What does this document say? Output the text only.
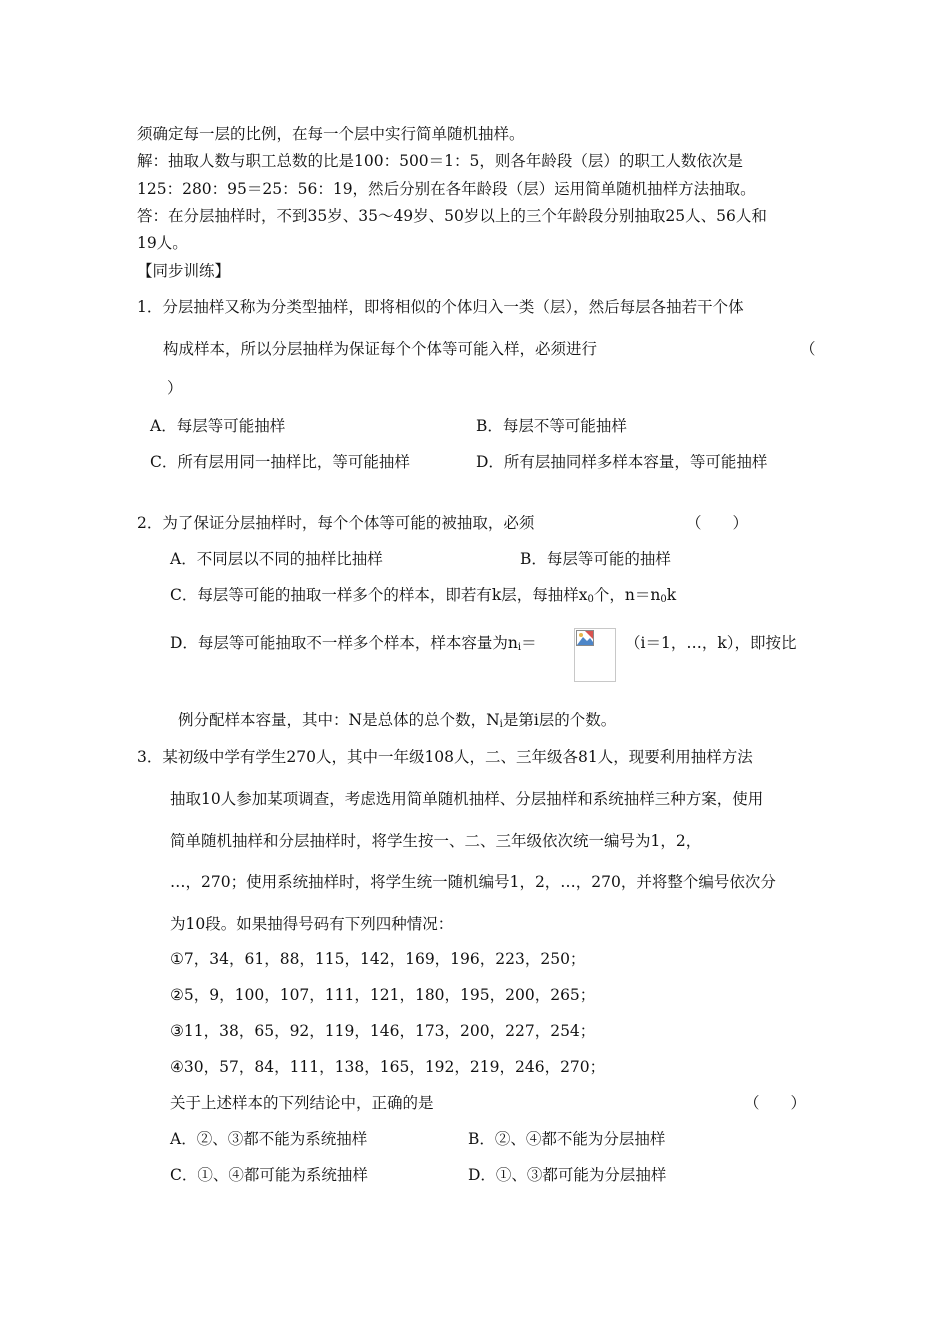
须确定每一层的比例，在每一个层中实行简单随机抽样。
解：抽取人数与职工总数的比是100：500＝1：5，则各年龄段（层）的职工人数依次是
125：280：95＝25：56：19，然后分别在各年龄段（层）运用简单随机抽样方法抽取。
答：在分层抽样时，不到35岁、35～49岁、50岁以上的三个年龄段分别抽取25人、56人和
19人。
【同步训练】
1．分层抽样又称为分类型抽样，即将相似的个体归入一类（层），然后每层各抽若干个体
构成样本，所以分层抽样为保证每个个体等可能入样，必须进行	（
）
A．每层等可能抽样	B．每层不等可能抽样
C．所有层用同一抽样比，等可能抽样	D．所有层抽同样多样本容量，等可能抽样
2．为了保证分层抽样时，每个个体等可能的被抽取，必须	（　　）
A．不同层以不同的抽样比抽样	B．每层等可能的抽样
C．每层等可能的抽取一样多个的样本，即若有k层，每抽样$x_0$个，$n=n_0k$
D．每层等可能抽取不一样多个样本，样本容量为$n_i=$	（i＝1，…，k），即按比
例分配样本容量，其中：N是总体的总个数，$N_i$是第i层的个数。
3．某初级中学有学生270人，其中一年级108人，二、三年级各81人，现要利用抽样方法
抽取10人参加某项调查，考虑选用简单随机抽样、分层抽样和系统抽样三种方案，使用
简单随机抽样和分层抽样时，将学生按一、二、三年级依次统一编号为1，2，
…，270；使用系统抽样时，将学生统一随机编号1，2，…，270，并将整个编号依次分
为10段。如果抽得号码有下列四种情况：
①7，34，61，88，115，142，169，196，223，250；
②5，9，100，107，111，121，180，195，200，265；
③11，38，65，92，119，146，173，200，227，254；
④30，57，84，111，138，165，192，219，246，270；
关于上述样本的下列结论中，正确的是	（　　）
A．②、③都不能为系统抽样	B．②、④都不能为分层抽样
C．①、④都可能为系统抽样	D．①、③都可能为分层抽样
